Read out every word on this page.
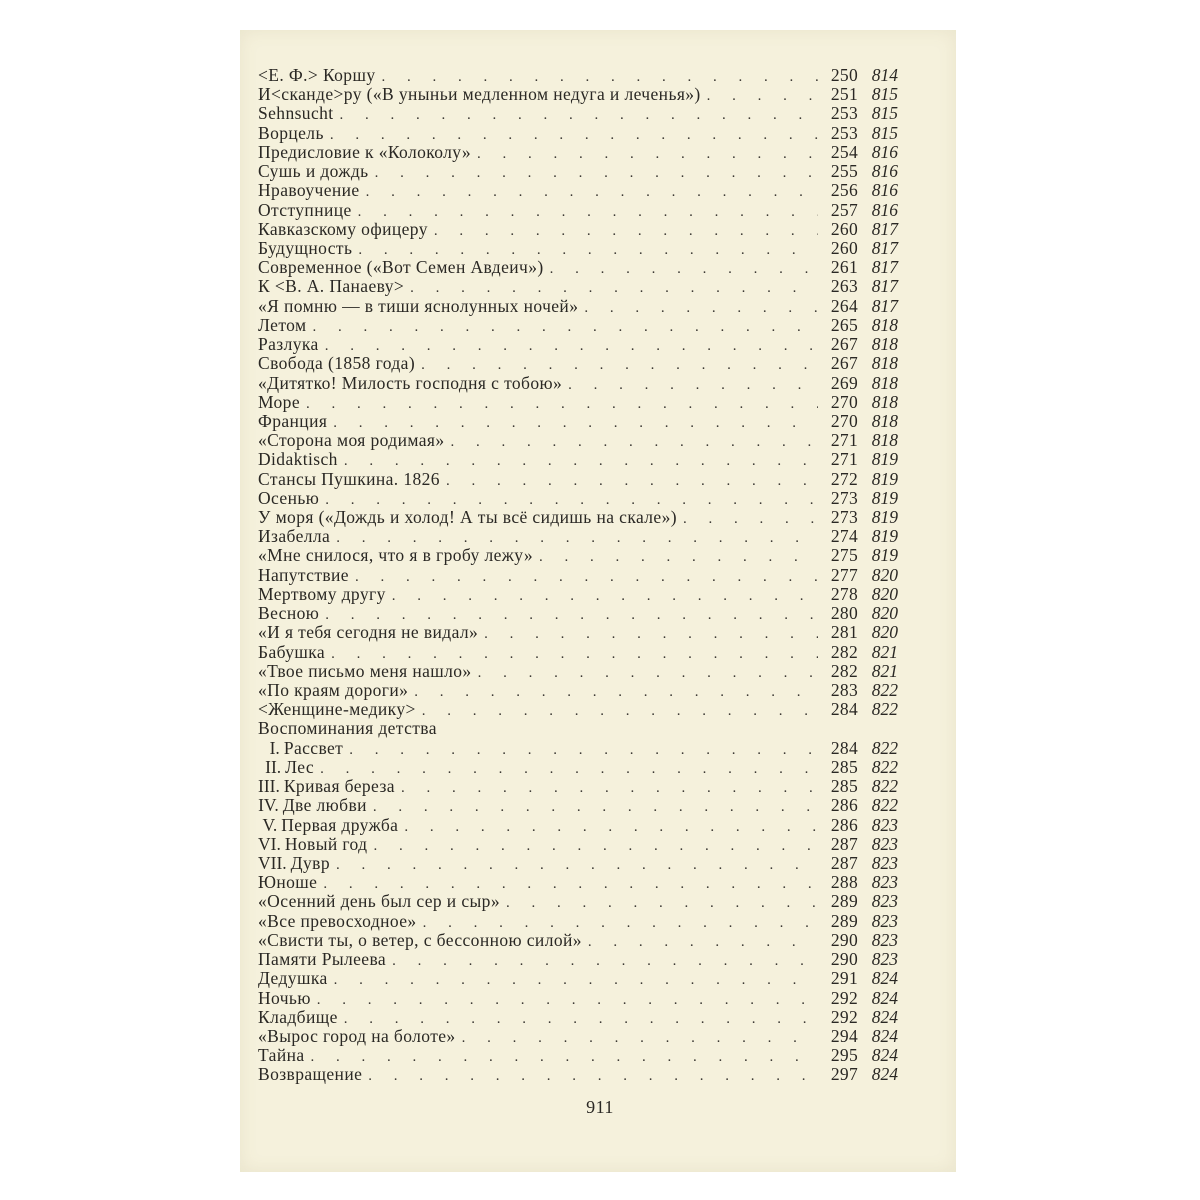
<Е. Ф.> Коршу . . .	250 814
И<сканде>ру («В уныньи медленном недуга и леченья») . . .	251 815
Sehnsucht . . .	253 815
Ворцель . . .	253 815
Предисловие к «Колоколу» . . .	254 816
Сушь и дождь . . .	255 816
Нравоучение . . .	256 816
Отступнице . . .	257 816
Кавказскому офицеру . . .	260 817
Будущность . . .	260 817
Современное («Вот Семен Авдеич») . . .	261 817
К <В. А. Панаеву> . . .	263 817
«Я помню — в тиши яснолунных ночей» . . .	264 817
Летом . . .	265 818
Разлука . . .	267 818
Свобода (1858 года) . . .	267 818
«Дитятко! Милость господня с тобою» . . .	269 818
Море . . .	270 818
Франция . . .	270 818
«Сторона моя родимая» . . .	271 818
Didaktisch . . .	271 819
Стансы Пушкина. 1826 . . .	272 819
Осенью . . .	273 819
У моря («Дождь и холод! А ты всё сидишь на скале») . . .	273 819
Изабелла . . .	274 819
«Мне снилося, что я в гробу лежу» . . .	275 819
Напутствие . . .	277 820
Мертвому другу . . .	278 820
Весною . . .	280 820
«И я тебя сегодня не видал» . . .	281 820
Бабушка . . .	282 821
«Твое письмо меня нашло» . . .	282 821
«По краям дороги» . . .	283 822
<Женщине-медику> . . .	284 822
Воспоминания детства
I. Рассвет . . .	284 822
II. Лес . . .	285 822
III. Кривая береза . . .	285 822
IV. Две любви . . .	286 822
V. Первая дружба . . .	286 823
VI. Новый год . . .	287 823
VII. Дувр . . .	287 823
Юноше . . .	288 823
«Осенний день был сер и сыр» . . .	289 823
«Все превосходное» . . .	289 823
«Свисти ты, о ветер, с бессонною силой» . . .	290 823
Памяти Рылеева . . .	290 823
Дедушка . . .	291 824
Ночью . . .	292 824
Кладбище . . .	292 824
«Вырос город на болоте» . . .	294 824
Тайна . . .	295 824
Возвращение . . .	297 824
911
